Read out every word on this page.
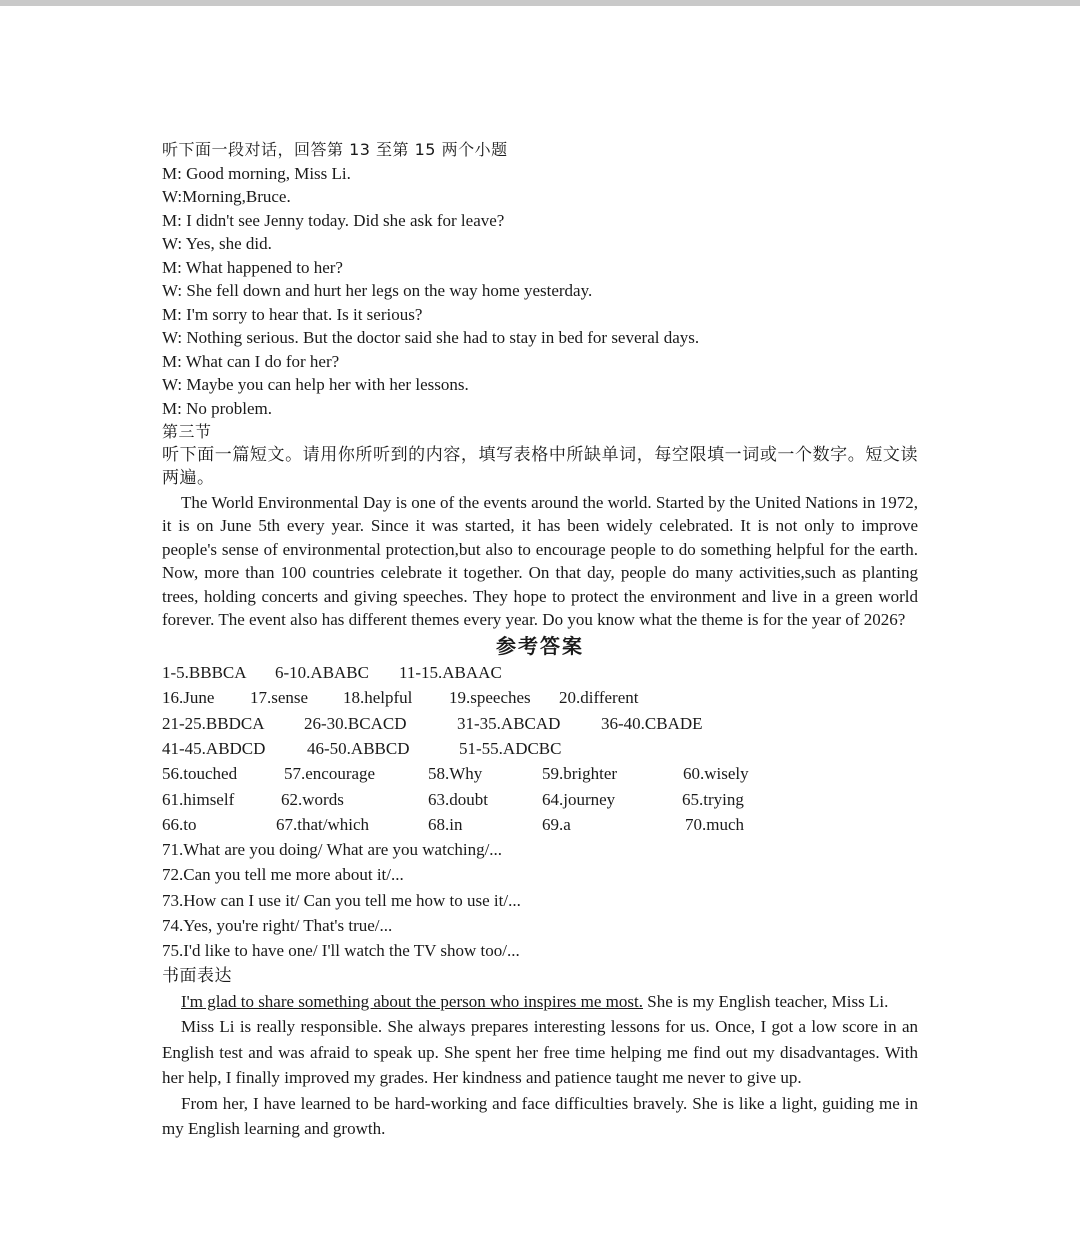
听下面一段对话，回答第 13 至第 15 两个小题
M: Good morning, Miss Li.
W:Morning,Bruce.
M: I didn't see Jenny today. Did she ask for leave?
W: Yes, she did.
M: What happened to her?
W: She fell down and hurt her legs on the way home yesterday.
M: I'm sorry to hear that. Is it serious?
W: Nothing serious. But the doctor said she had to stay in bed for several days.
M: What can I do for her?
W: Maybe you can help her with her lessons.
M: No problem.
第三节
听下面一篇短文。请用你所听到的内容，填写表格中所缺单词，每空限填一词或一个数字。短文读两遍。
The World Environmental Day is one of the events around the world. Started by the United Nations in 1972, it is on June 5th every year. Since it was started, it has been widely celebrated. It is not only to improve people's sense of environmental protection,but also to encourage people to do something helpful for the earth. Now, more than 100 countries celebrate it together. On that day, people do many activities,such as planting trees, holding concerts and giving speeches. They hope to protect the environment and live in a green world forever. The event also has different themes every year. Do you know what the theme is for the year of 2026?
参考答案
1-5.BBBCA 6-10.ABABC 11-15.ABAAC
16.June 17.sense 18.helpful 19.speeches 20.different
21-25.BBDCA 26-30.BCACD	31-35.ABCAD 36-40.CBADE
41-45.ABDCD 46-50.ABBCD	51-55.ADCBC
56.touched	57.encourage	58.Why	59.brighter	60.wisely
61.himself	62.words	63.doubt	64.journey	65.trying
66.to	67.that/which	68.in	69.a	70.much
71.What are you doing/ What are you watching/...
72.Can you tell me more about it/...
73.How can I use it/ Can you tell me how to use it/...
74.Yes, you're right/ That's true/...
75.I'd like to have one/ I'll watch the TV show too/...
书面表达
I'm glad to share something about the person who inspires me most. She is my English teacher, Miss Li.
Miss Li is really responsible. She always prepares interesting lessons for us. Once, I got a low score in an English test and was afraid to speak up. She spent her free time helping me find out my disadvantages. With her help, I finally improved my grades. Her kindness and patience taught me never to give up.
From her, I have learned to be hard-working and face difficulties bravely. She is like a light, guiding me in my English learning and growth.
